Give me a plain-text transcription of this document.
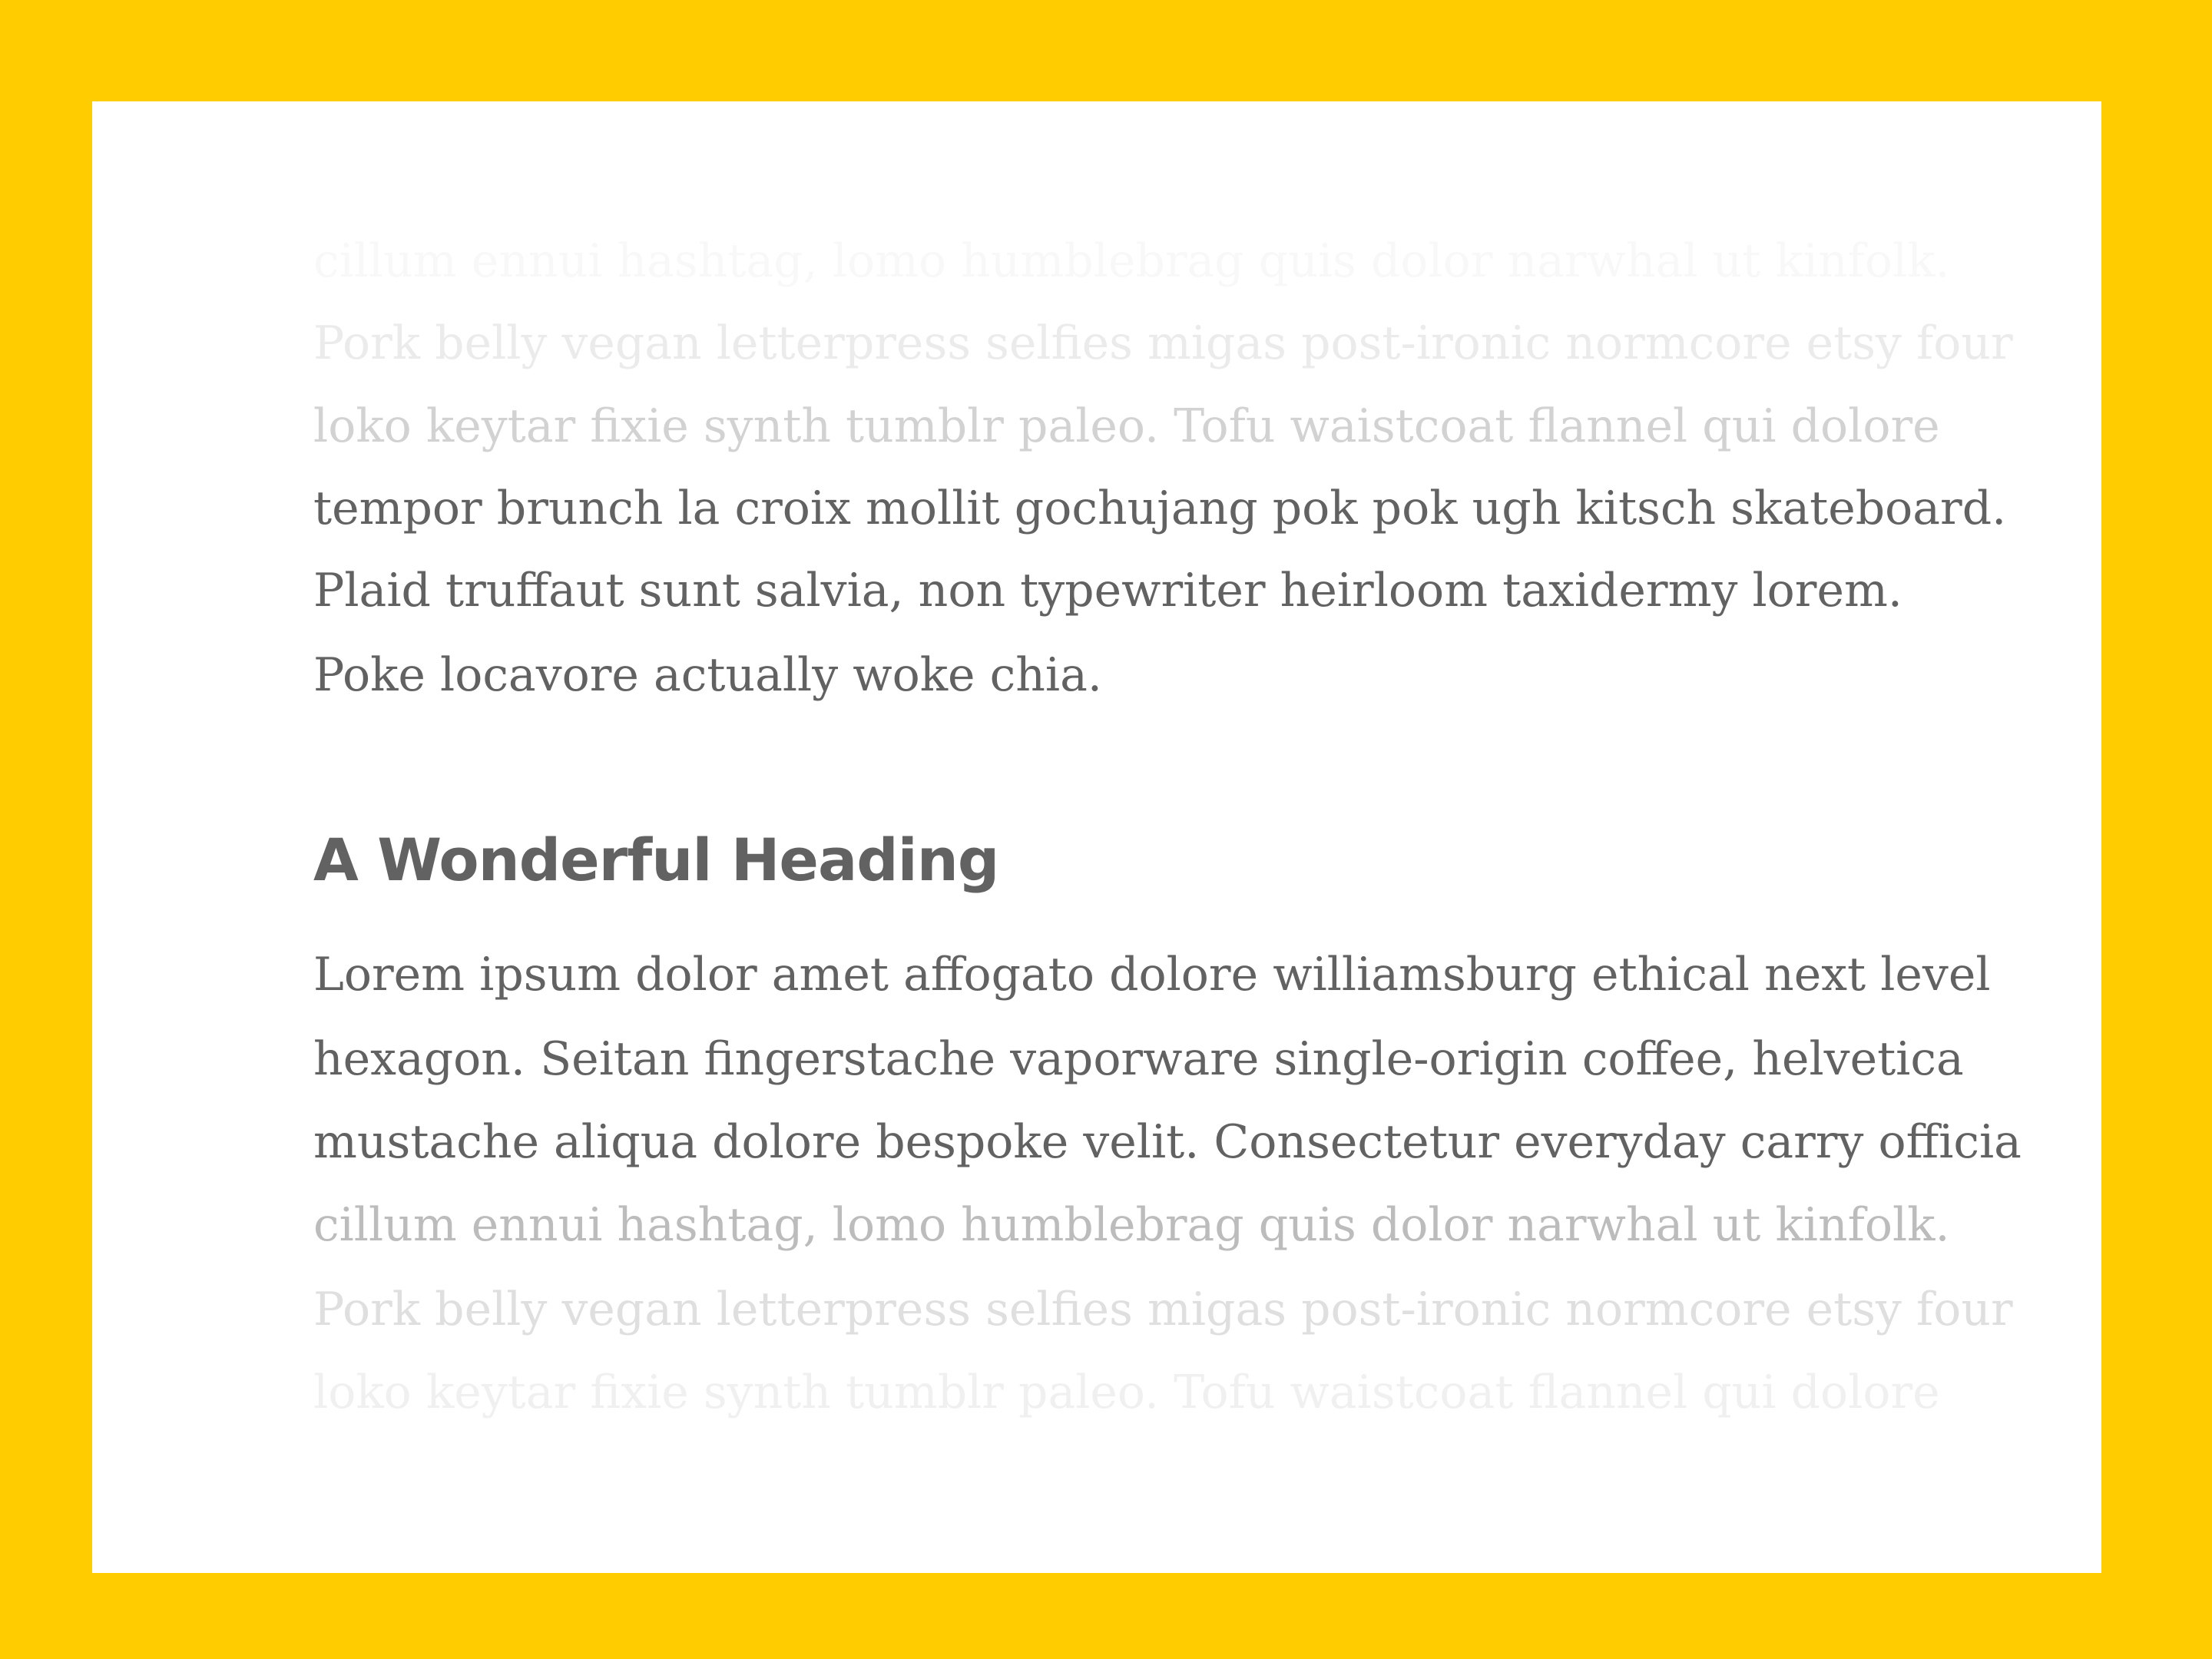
Pork belly vegan letterpress selfies migas post-ironic normcore etsy four
loko keytar fixie synth tumblr paleo. Tofu waistcoat flannel qui dolore
tempor brunch la croix mollit gochujang pok pok ugh kitsch skateboard.
Plaid truffaut sunt salvia, non typewriter heirloom taxidermy lorem.
Poke locavore actually woke chia.
A Wonderful Heading
Lorem ipsum dolor amet affogato dolore williamsburg ethical next level
hexagon. Seitan fingerstache vaporware single-origin coffee, helvetica
mustache aliqua dolore bespoke velit. Consectetur everyday carry officia
cillum ennui hashtag, lomo humblebrag quis dolor narwhal ut kinfolk.
Pork belly vegan letterpress selfies migas post-ironic normcore etsy four
loko keytar fixie synth tumblr paleo. Tofu waistcoat flannel qui dolore
